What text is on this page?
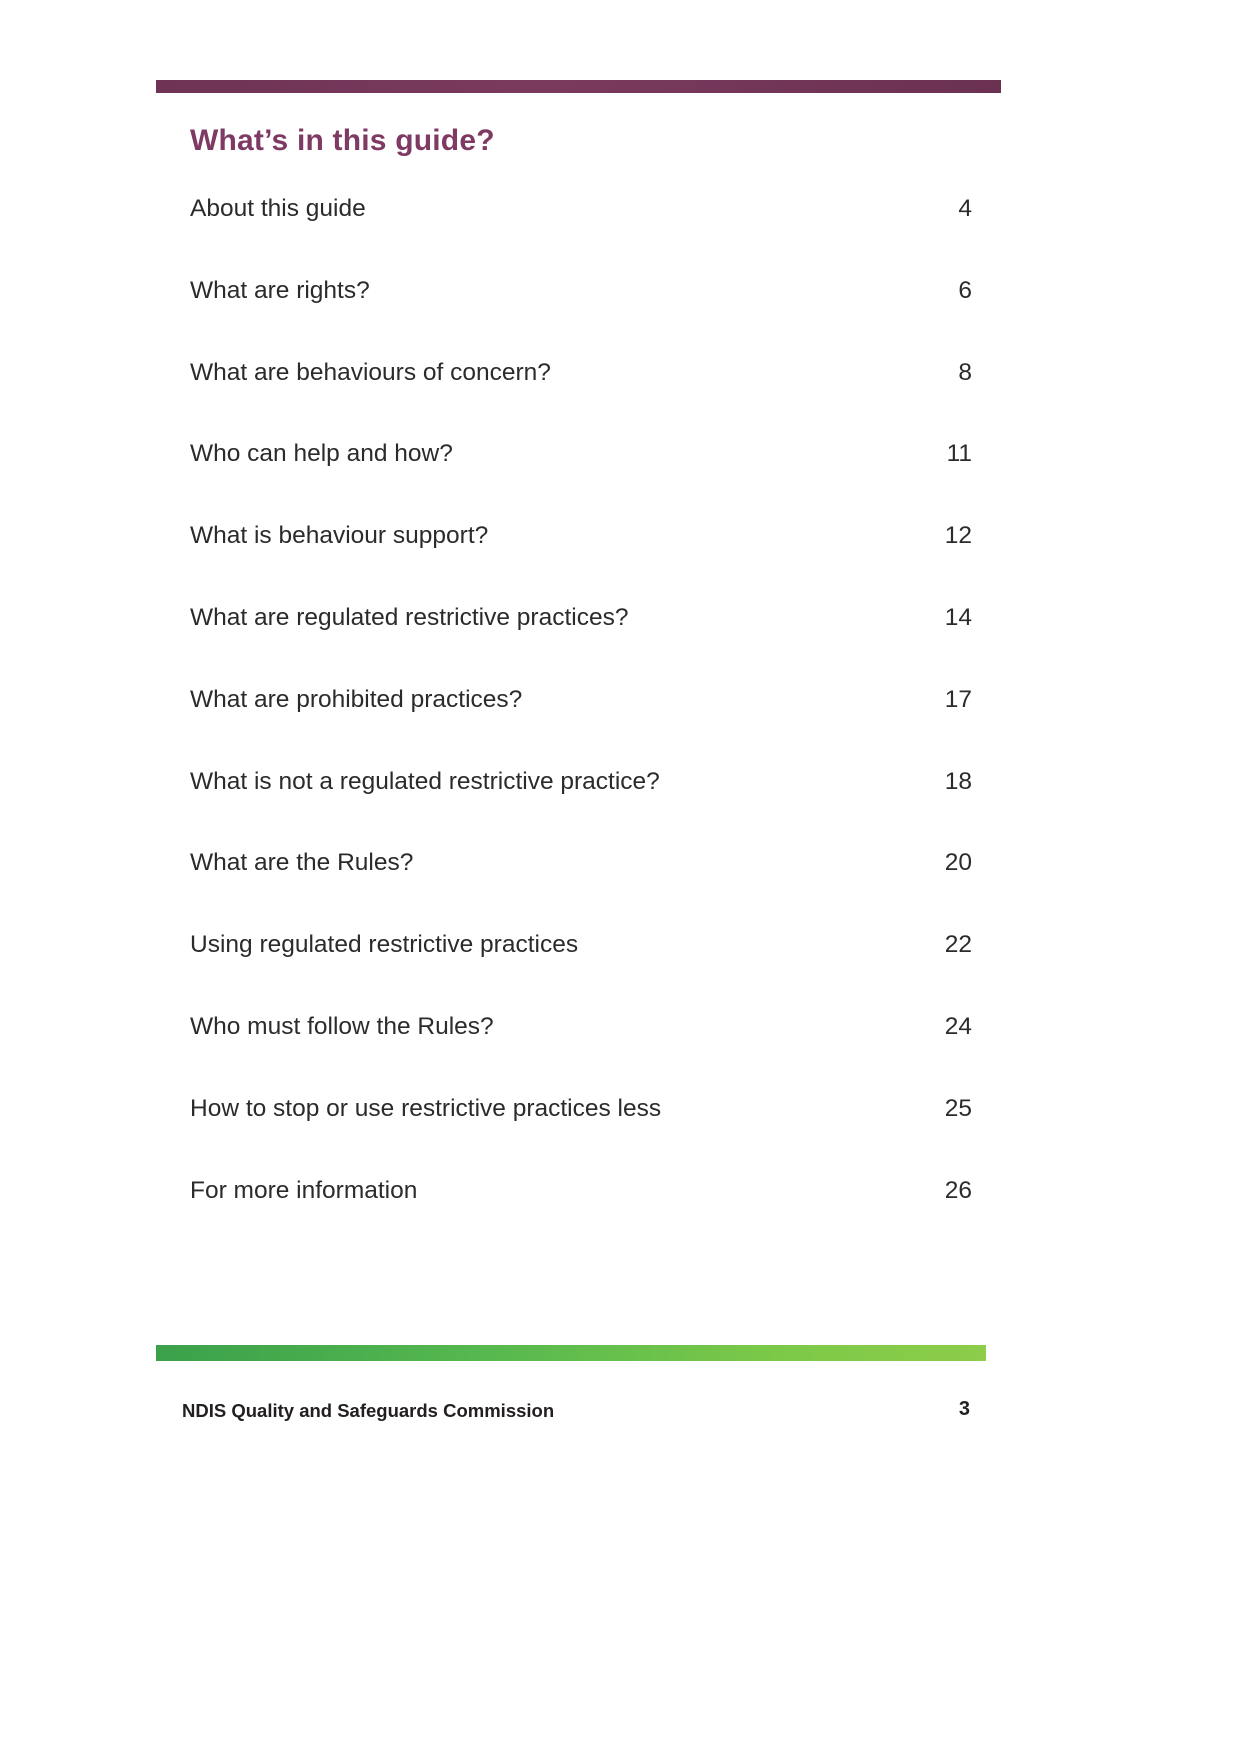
What’s in this guide?
About this guide	4
What are rights?	6
What are behaviours of concern?	8
Who can help and how?	11
What is behaviour support?	12
What are regulated restrictive practices?	14
What are prohibited practices?	17
What is not a regulated restrictive practice?	18
What are the Rules?	20
Using regulated restrictive practices	22
Who must follow the Rules?	24
How to stop or use restrictive practices less	25
For more information	26
NDIS Quality and Safeguards Commission	3
